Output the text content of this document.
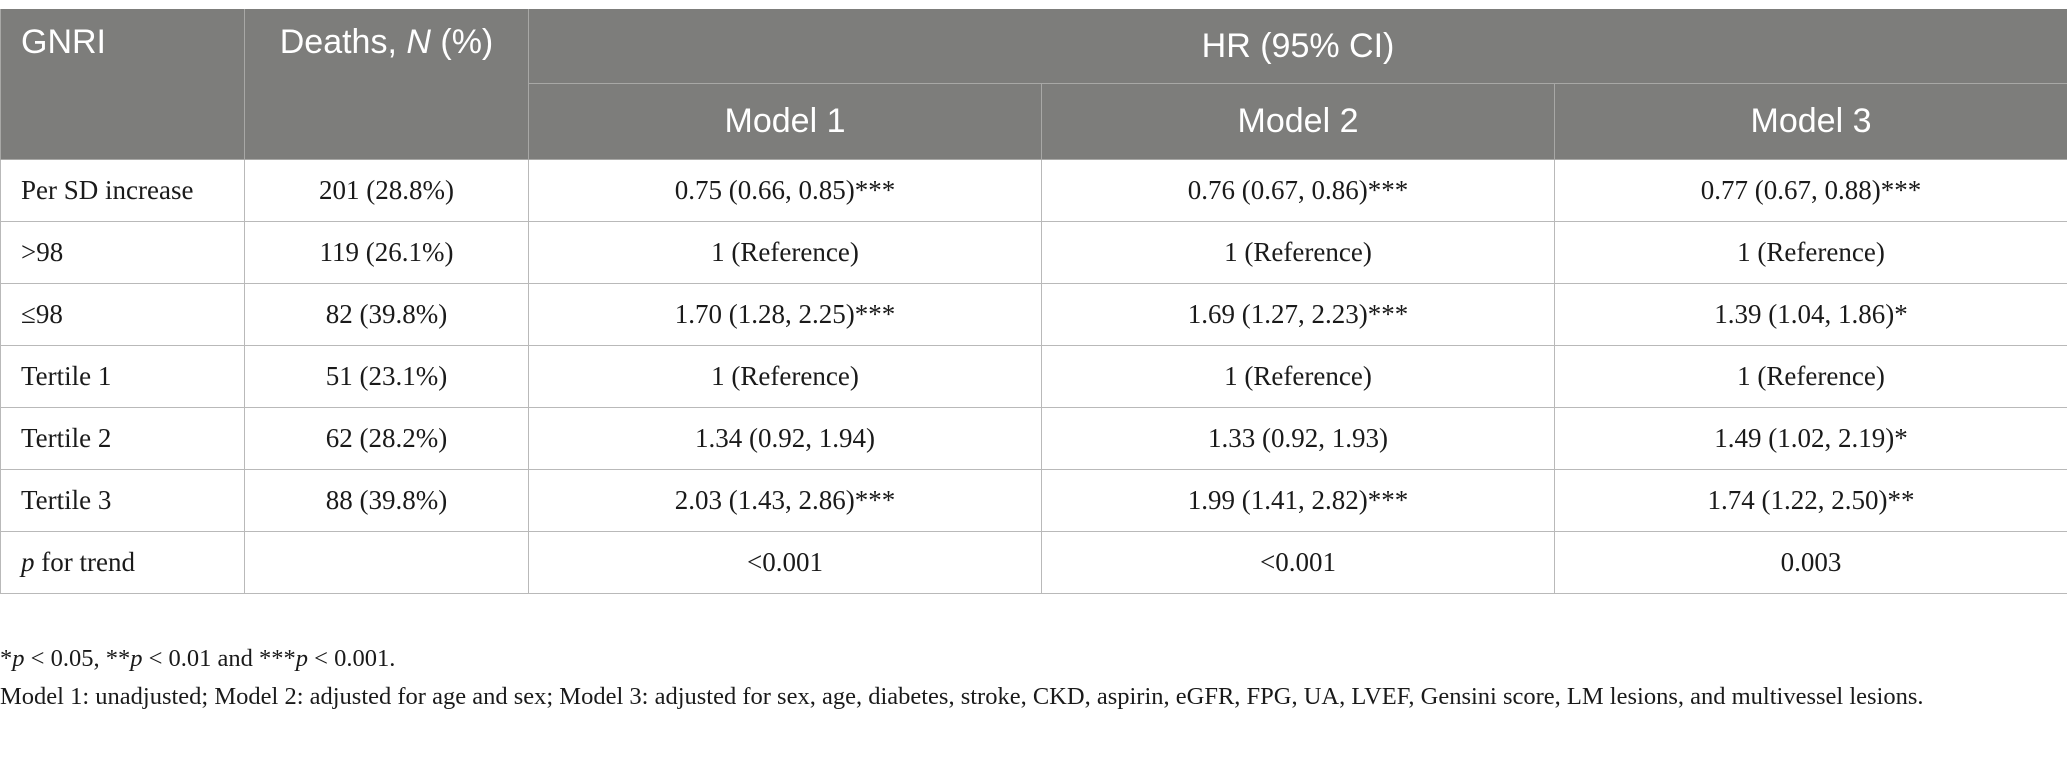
GNRI	Deaths, N (%)	HR (95% CI)		
		Model 1	Model 2	Model 3
Per SD increase	201 (28.8%)	0.75 (0.66, 0.85)***	0.76 (0.67, 0.86)***	0.77 (0.67, 0.88)***
>98	119 (26.1%)	1 (Reference)	1 (Reference)	1 (Reference)
≤98	82 (39.8%)	1.70 (1.28, 2.25)***	1.69 (1.27, 2.23)***	1.39 (1.04, 1.86)*
Tertile 1	51 (23.1%)	1 (Reference)	1 (Reference)	1 (Reference)
Tertile 2	62 (28.2%)	1.34 (0.92, 1.94)	1.33 (0.92, 1.93)	1.49 (1.02, 2.19)*
Tertile 3	88 (39.8%)	2.03 (1.43, 2.86)***	1.99 (1.41, 2.82)***	1.74 (1.22, 2.50)**
p for trend		<0.001	<0.001	0.003

*p < 0.05, **p < 0.01 and ***p < 0.001.

Model 1: unadjusted; Model 2: adjusted for age and sex; Model 3: adjusted for sex, age, diabetes, stroke, CKD, aspirin, eGFR, FPG, UA, LVEF, Gensini score, LM lesions, and multivessel lesions.
